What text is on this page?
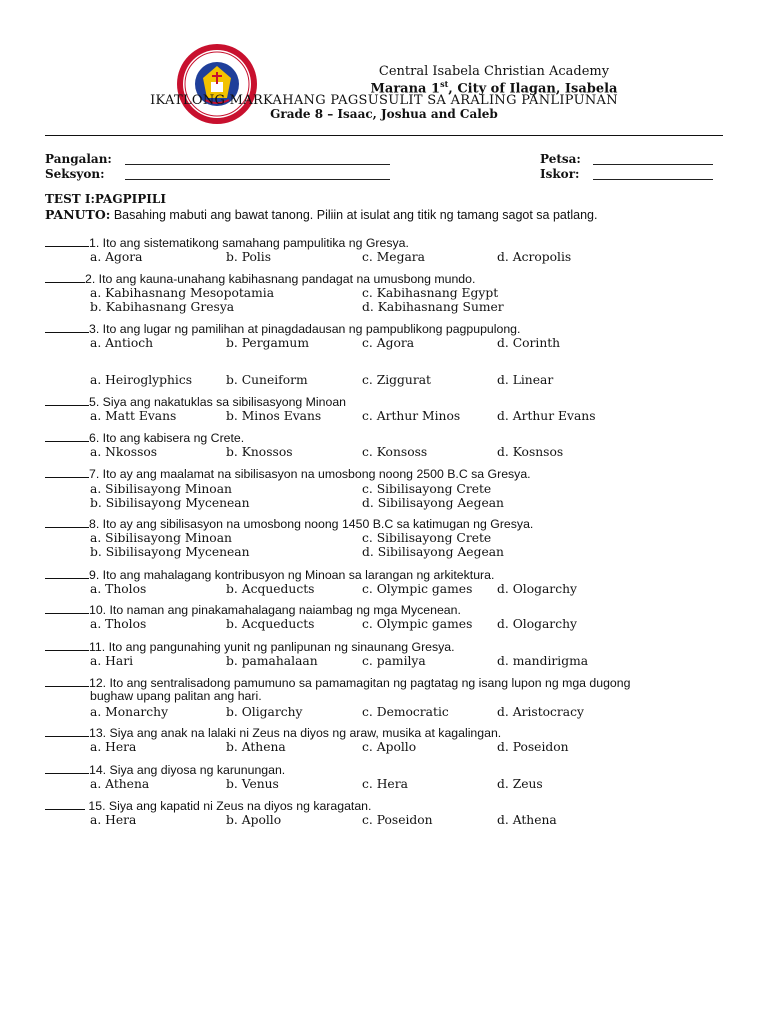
Central Isabela Christian Academy
Marana 1st, City of Ilagan, Isabela
IKATLONG MARKAHANG PAGSUSULIT SA ARALING PANLIPUNAN
Grade 8 – Isaac, Joshua and Caleb
Pangalan:
Seksyon:
Petsa:
Iskor:
TEST I:PAGPIPILI
PANUTO: Basahing mabuti ang bawat tanong. Piliin at isulat ang titik ng tamang sagot sa patlang.
1. Ito ang sistematikong samahang pampulitika ng Gresya.
a. Agora	b. Polis	c. Megara	d. Acropolis
2. Ito ang kauna-unahang kabihasnang pandagat na umusbong mundo.
a. Kabihasnang Mesopotamia	c. Kabihasnang Egypt
b. Kabihasnang Gresya	d. Kabihasnang Sumer
3. Ito ang lugar ng pamilihan at pinagdadausan ng pampublikong pagpupulong.
a. Antioch	b. Pergamum	c. Agora	d. Corinth
a. Heiroglyphics	b. Cuneiform	c. Ziggurat	d. Linear
5. Siya ang nakatuklas sa sibilisasyong Minoan
a. Matt Evans	b. Minos Evans	c. Arthur Minos	d. Arthur Evans
6. Ito ang kabisera ng Crete.
a. Nkossos	b. Knossos	c. Konsoss	d. Kosnsos
7. Ito ay ang maalamat na sibilisasyon na umosbong noong 2500 B.C sa Gresya.
a. Sibilisayong Minoan	c. Sibilisayong Crete
b. Sibilisayong Mycenean	d. Sibilisayong Aegean
8. Ito ay ang sibilisasyon na umosbong noong 1450 B.C sa katimugan ng Gresya.
a. Sibilisayong Minoan	c. Sibilisayong Crete
b. Sibilisayong Mycenean	d. Sibilisayong Aegean
9. Ito ang mahalagang kontribusyon ng Minoan sa larangan ng arkitektura.
a. Tholos	b. Acqueducts	c. Olympic games d. Ologarchy
10. Ito naman ang pinakamahalagang naiambag ng mga Mycenean.
a. Tholos	b. Acqueducts	c. Olympic games d. Ologarchy
11. Ito ang pangunahing yunit ng panlipunan ng sinaunang Gresya.
a. Hari	b. pamahalaan	c. pamilya	d. mandirigma
12. Ito ang sentralisadong pamumuno sa pamamagitan ng pagtatag ng isang lupon ng mga dugong
bughaw upang palitan ang hari.
a. Monarchy	b. Oligarchy	c. Democratic	d. Aristocracy
13. Siya ang anak na lalaki ni Zeus na diyos ng araw, musika at kagalingan.
a. Hera	b. Athena	c. Apollo	d. Poseidon
14. Siya ang diyosa ng karunungan.
a. Athena	b. Venus	c. Hera	d. Zeus
15. Siya ang kapatid ni Zeus na diyos ng karagatan.
a. Hera	b. Apollo	c. Poseidon	d. Athena
